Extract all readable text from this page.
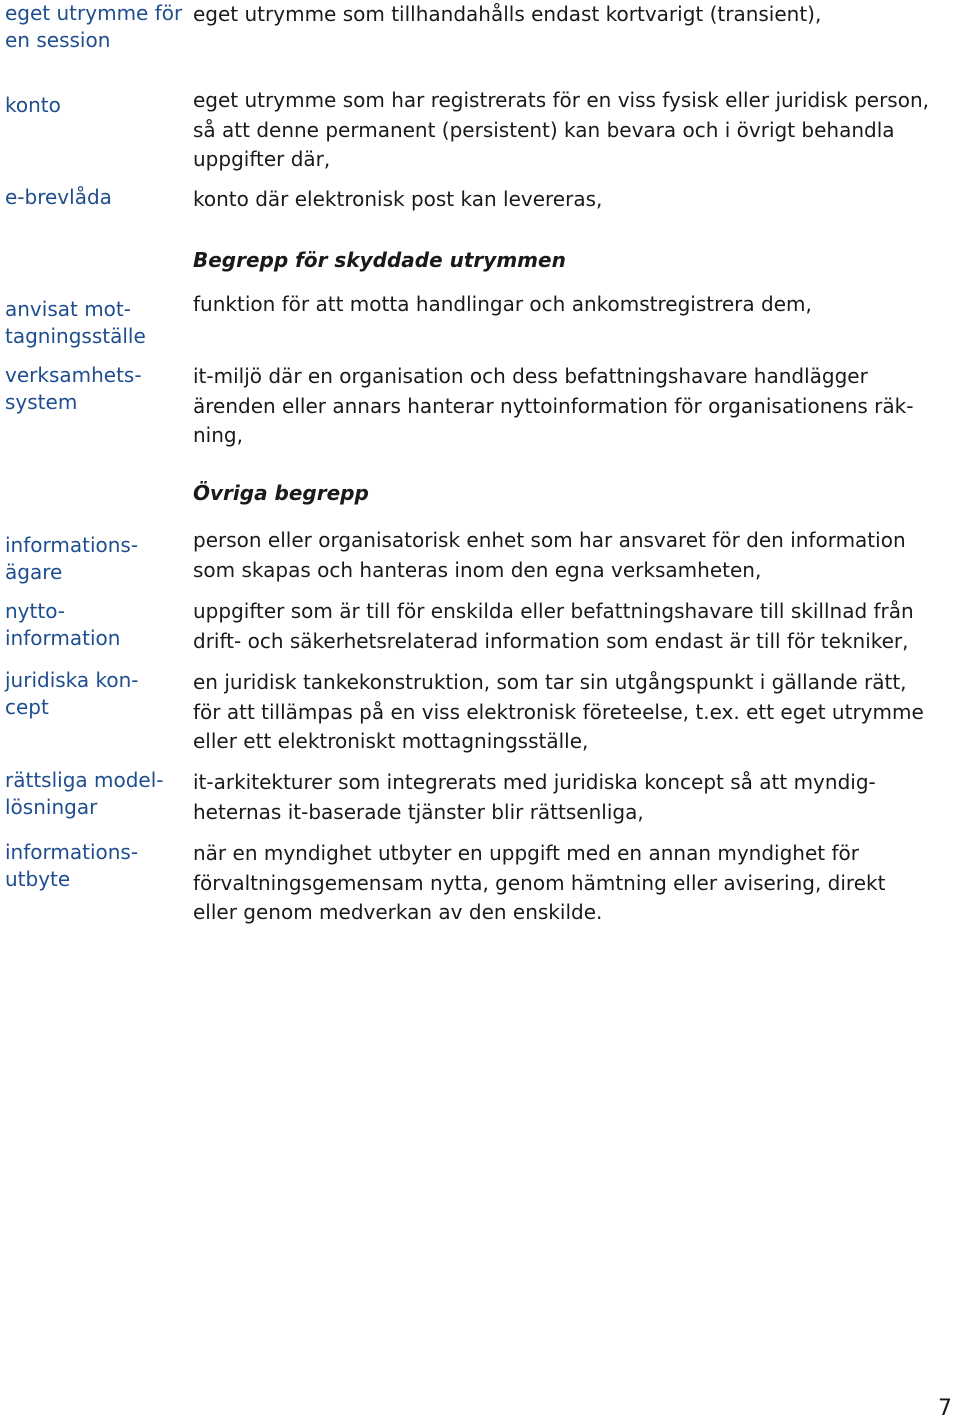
eget utrymme för
en session
eget utrymme som tillhandahålls endast kortvarigt (transient),
konto	eget utrymme som har registrerats för en viss fysisk eller juridisk person,
så att denne permanent (persistent) kan bevara och i övrigt behandla
uppgifter där,
e-brevlåda	konto där elektronisk post kan levereras,
Begrepp för skyddade utrymmen
anvisat mot-
tagningsställe
funktion för att motta handlingar och ankomstregistrera dem,
verksamhets-
system
it-miljö där en organisation och dess befattningshavare handlägger
ärenden eller annars hanterar nyttoinformation för organisationens räk-
ning,
Övriga begrepp
informations-
ägare
person eller organisatorisk enhet som har ansvaret för den information
som skapas och hanteras inom den egna verksamheten,
nytto-
information
uppgifter som är till för enskilda eller befattningshavare till skillnad från
drift- och säkerhetsrelaterad information som endast är till för tekniker,
juridiska kon-
cept
en juridisk tankekonstruktion, som tar sin utgångspunkt i gällande rätt,
för att tillämpas på en viss elektronisk företeelse, t.ex. ett eget utrymme
eller ett elektroniskt mottagningsställe,
rättsliga model-
lösningar
it-arkitekturer som integrerats med juridiska koncept så att myndig-
heternas it-baserade tjänster blir rättsenliga,
informations-
utbyte
när en myndighet utbyter en uppgift med en annan myndighet för
förvaltningsgemensam nytta, genom hämtning eller avisering, direkt
eller genom medverkan av den enskilde.
7
